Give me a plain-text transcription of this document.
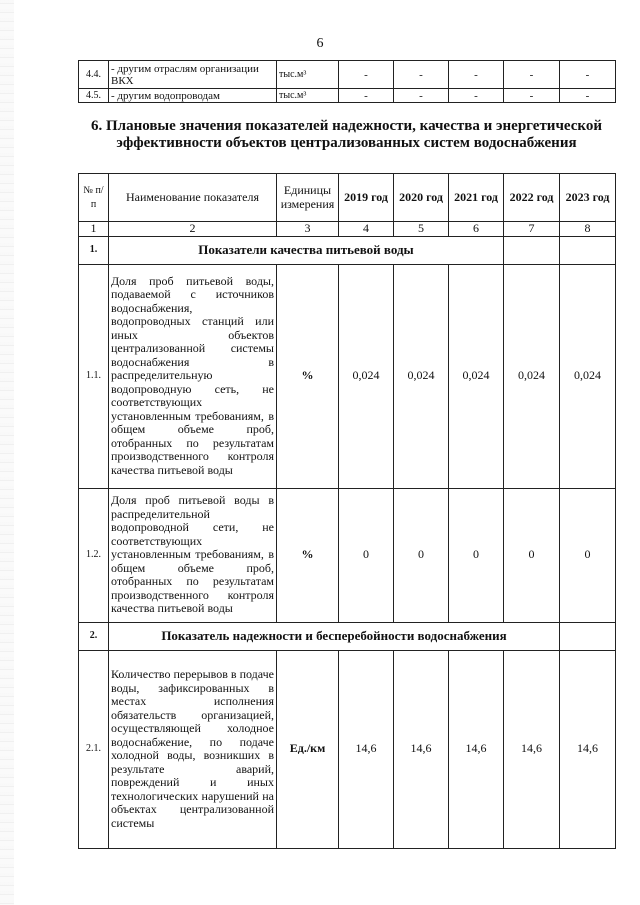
6
4.4.	- другим отраслям организации ВКХ	тыс.м³	-	-	-	-	-
4.5.	- другим водопроводам	тыс.м³	-	-	-	-	-
6. Плановые значения показателей надежности, качества и энергетической эффективности объектов централизованных систем водоснабжения
№ п/п	Наименование показателя	Единицы измерения	2019 год	2020 год	2021 год	2022 год	2023 год
1	2	3	4	5	6	7	8
1.	Показатели качества питьевой воды						
1.1.	Доля проб питьевой воды, подаваемой с источников водоснабжения, водопроводных станций или иных объектов централизованной системы водоснабжения в распределительную водопроводную сеть, не соответствующих установленным требованиям, в общем объеме проб, отобранных по результатам производственного контроля качества питьевой воды	%	0,024	0,024	0,024	0,024	0,024
1.2.	Доля проб питьевой воды в распределительной водопроводной сети, не соответствующих установленным требованиям, в общем объеме проб, отобранных по результатам производственного контроля качества питьевой воды	%	0	0	0	0	0
2.	Показатель надежности и бесперебойности водоснабжения						
2.1.	Количество перерывов в подаче воды, зафиксированных в местах исполнения обязательств организацией, осуществляющей холодное водоснабжение, по подаче холодной воды, возникших в результате аварий, повреждений и иных технологических нарушений на объектах централизованной системы	Ед./км	14,6	14,6	14,6	14,6	14,6
